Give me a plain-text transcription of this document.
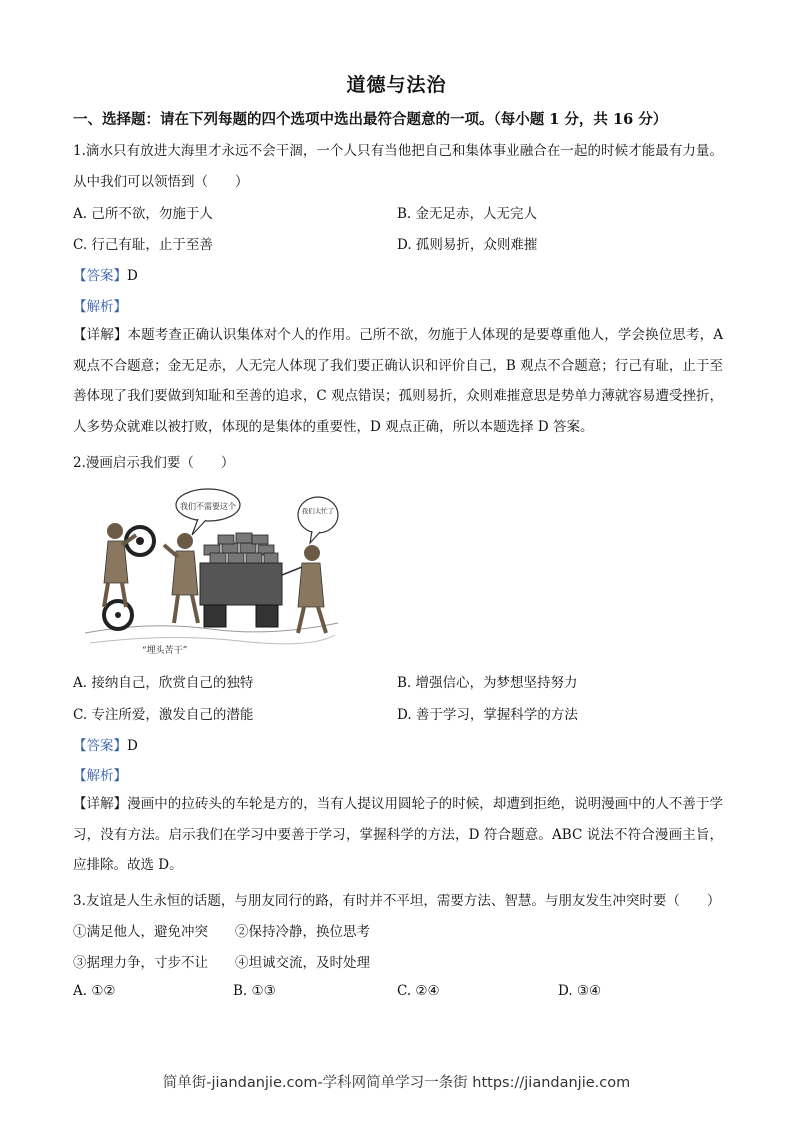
道德与法治
一、选择题：请在下列每题的四个选项中选出最符合题意的一项。（每小题 1 分，共 16 分）
1.滴水只有放进大海里才永远不会干涸，一个人只有当他把自己和集体事业融合在一起的时候才能最有力量。从中我们可以领悟到（　　）
A. 己所不欲，勿施于人	B. 金无足赤，人无完人
C. 行己有耻，止于至善	D. 孤则易折，众则难摧
【答案】D
【解析】
【详解】本题考查正确认识集体对个人的作用。己所不欲，勿施于人体现的是要尊重他人，学会换位思考，A 观点不合题意；金无足赤，人无完人体现了我们要正确认识和评价自己，B 观点不合题意；行己有耻，止于至善体现了我们要做到知耻和至善的追求，C 观点错误；孤则易折，众则难摧意思是势单力薄就容易遭受挫折，人多势众就难以被打败，体现的是集体的重要性，D 观点正确，所以本题选择 D 答案。
2.漫画启示我们要（　　）
我们不需要这个	我们太忙了
“埋头苦干”
A. 接纳自己，欣赏自己的独特	B. 增强信心，为梦想坚持努力
C. 专注所爱，激发自己的潜能	D. 善于学习，掌握科学的方法
【答案】D
【解析】
【详解】漫画中的拉砖头的车轮是方的，当有人提议用圆轮子的时候，却遭到拒绝，说明漫画中的人不善于学习，没有方法。启示我们在学习中要善于学习，掌握科学的方法，D 符合题意。ABC 说法不符合漫画主旨，应排除。故选 D。
3.友谊是人生永恒的话题，与朋友同行的路，有时并不平坦，需要方法、智慧。与朋友发生冲突时要（　　）
①满足他人，避免冲突　　②保持冷静，换位思考
③据理力争，寸步不让　　④坦诚交流，及时处理
A. ①②	B. ①③	C. ②④	D. ③④
简单街-jiandanjie.com-学科网简单学习一条街 https://jiandanjie.com
